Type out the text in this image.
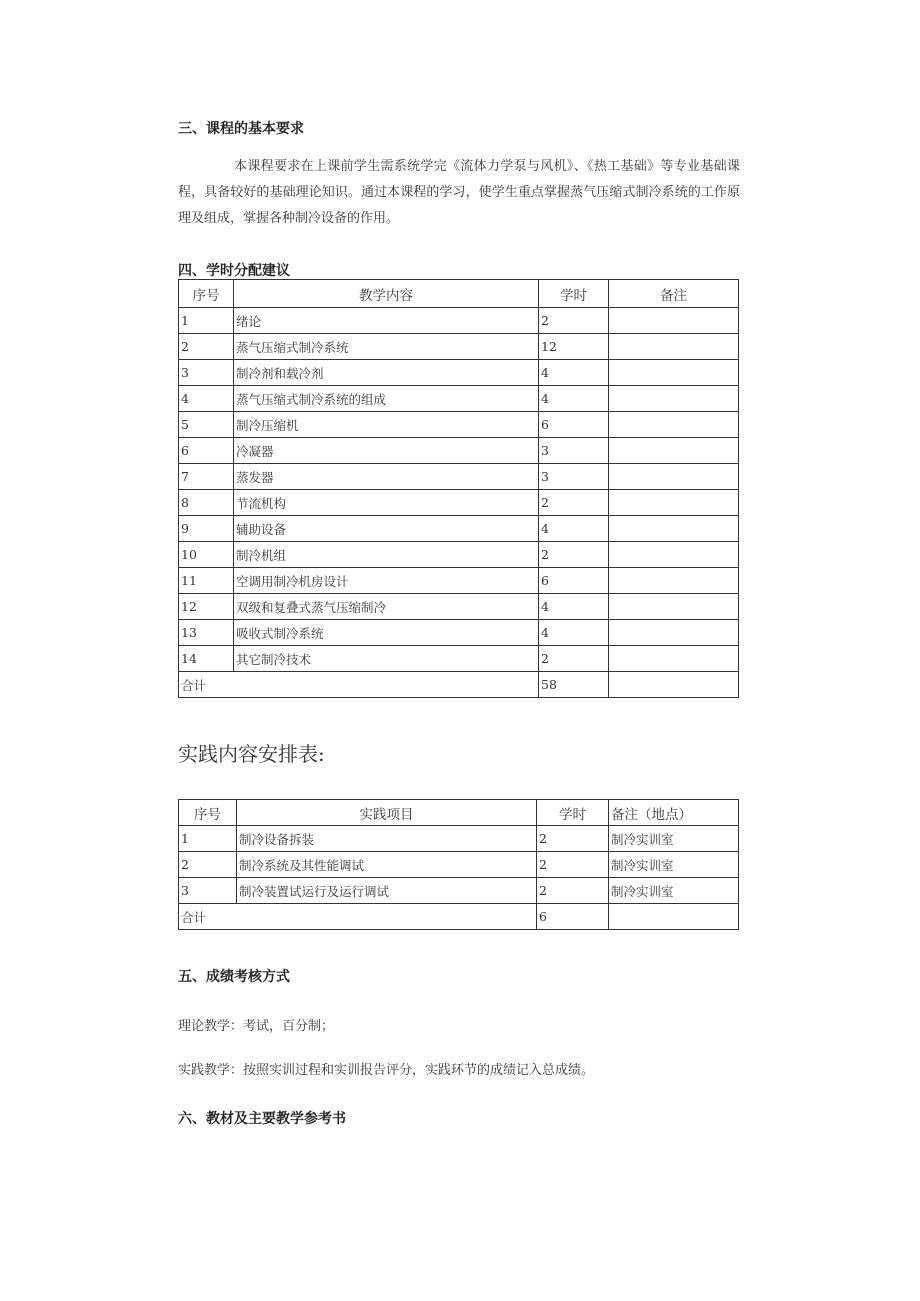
三、课程的基本要求
本课程要求在上课前学生需系统学完《流体力学泵与风机》、《热工基础》等专业基础课程，具备较好的基础理论知识。通过本课程的学习，使学生重点掌握蒸气压缩式制冷系统的工作原理及组成，掌握各种制冷设备的作用。
四、学时分配建议
序号	教学内容	学时	备注
1	绪论	2	
2	蒸气压缩式制冷系统	12	
3	制冷剂和载冷剂	4	
4	蒸气压缩式制冷系统的组成	4	
5	制冷压缩机	6	
6	冷凝器	3	
7	蒸发器	3	
8	节流机构	2	
9	辅助设备	4	
10	制冷机组	2	
11	空调用制冷机房设计	6	
12	双级和复叠式蒸气压缩制冷	4	
13	吸收式制冷系统	4	
14	其它制冷技术	2	
合计		58	
实践内容安排表:
序号	实践项目	学时	备注（地点）
1	制冷设备拆装	2	制冷实训室
2	制冷系统及其性能调试	2	制冷实训室
3	制冷装置试运行及运行调试	2	制冷实训室
合计		6	
五、成绩考核方式
理论教学：考试，百分制；
实践教学：按照实训过程和实训报告评分，实践环节的成绩记入总成绩。
六、教材及主要教学参考书
